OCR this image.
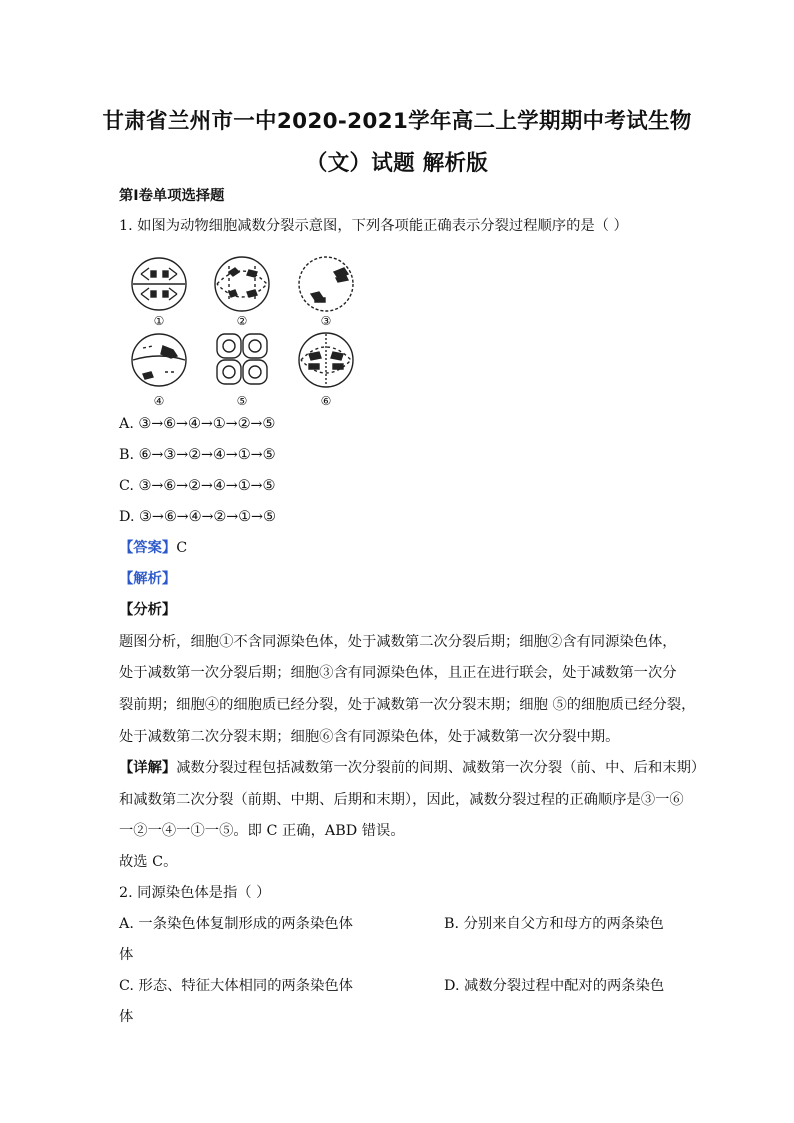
甘肃省兰州市一中2020-2021学年高二上学期期中考试生物
（文）试题 解析版
第I卷单项选择题
1. 如图为动物细胞减数分裂示意图，下列各项能正确表示分裂过程顺序的是（ ）
①	②	③
④	⑤	⑥
A. ③→⑥→④→①→②→⑤
B. ⑥→③→②→④→①→⑤
C. ③→⑥→②→④→①→⑤
D. ③→⑥→④→②→①→⑤
【答案】C
【解析】
【分析】
题图分析，细胞①不含同源染色体，处于减数第二次分裂后期；细胞②含有同源染色体，
处于减数第一次分裂后期；细胞③含有同源染色体，且正在进行联会，处于减数第一次分
裂前期；细胞④的细胞质已经分裂，处于减数第一次分裂末期；细胞 ⑤的细胞质已经分裂，
处于减数第二次分裂末期；细胞⑥含有同源染色体，处于减数第一次分裂中期。
【详解】减数分裂过程包括减数第一次分裂前的间期、减数第一次分裂（前、中、后和末期）
和减数第二次分裂（前期、中期、后期和末期），因此，减数分裂过程的正确顺序是③一⑥
一②一④一①一⑤。即 C 正确，ABD 错误。
故选 C。
2. 同源染色体是指（ ）
A. 一条染色体复制形成的两条染色体	B. 分别来自父方和母方的两条染色
体
C. 形态、特征大体相同的两条染色体	D. 减数分裂过程中配对的两条染色
体
